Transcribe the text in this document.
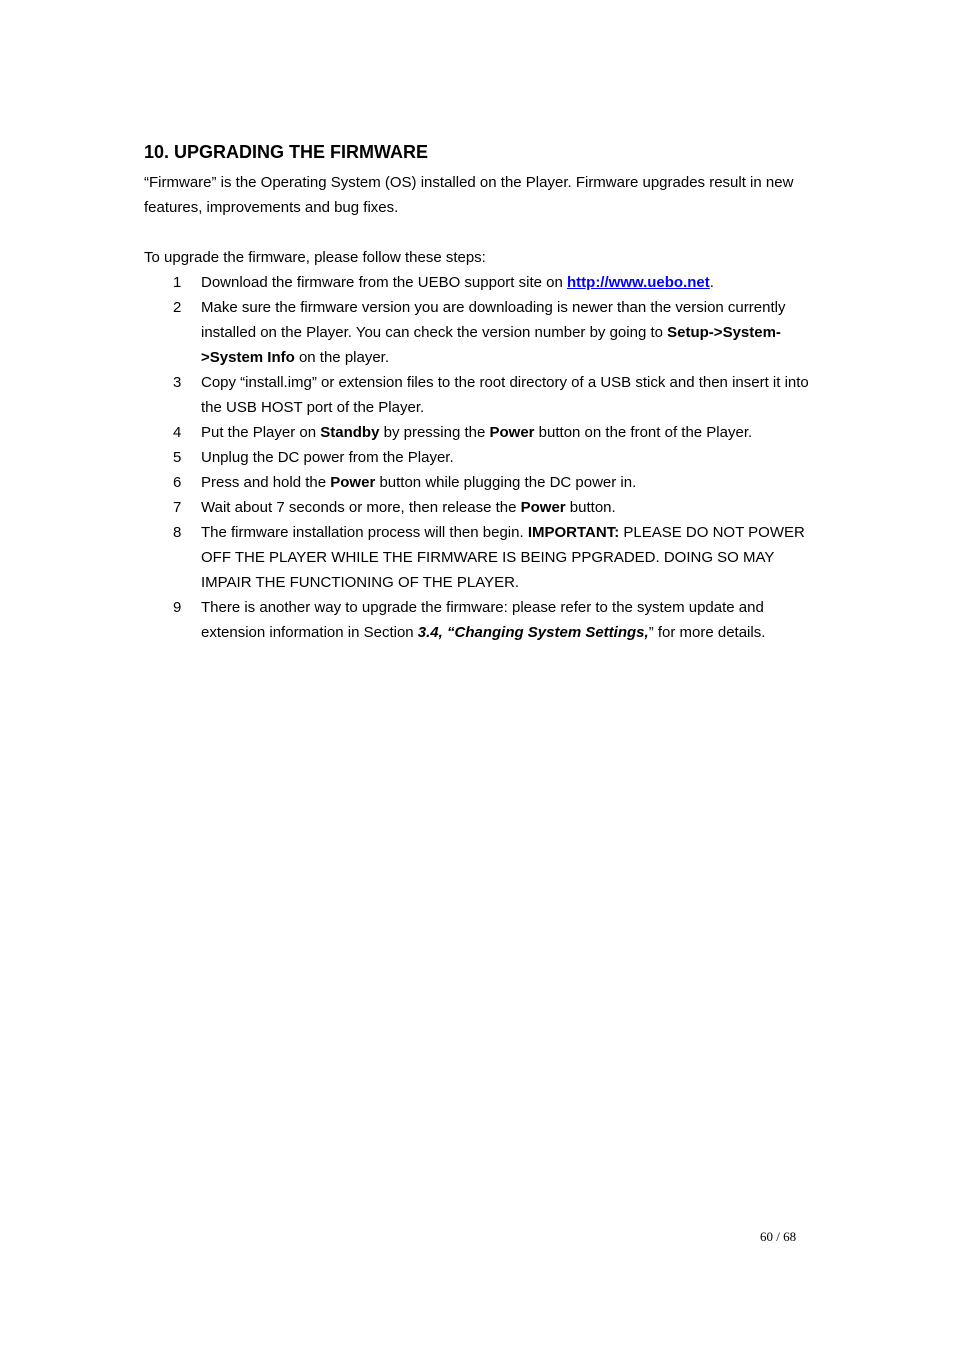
10. UPGRADING THE FIRMWARE

“Firmware” is the Operating System (OS) installed on the Player. Firmware upgrades result in new features, improvements and bug fixes.

To upgrade the firmware, please follow these steps:

1	Download the firmware from the UEBO support site on http://www.uebo.net.
2	Make sure the firmware version you are downloading is newer than the version currently installed on the Player. You can check the version number by going to Setup->System->System Info on the player.
3	Copy “install.img” or extension files to the root directory of a USB stick and then insert it into the USB HOST port of the Player.
4	Put the Player on Standby by pressing the Power button on the front of the Player.
5	Unplug the DC power from the Player.
6	Press and hold the Power button while plugging the DC power in.
7	Wait about 7 seconds or more, then release the Power button.
8	The firmware installation process will then begin. IMPORTANT: PLEASE DO NOT POWER OFF THE PLAYER WHILE THE FIRMWARE IS BEING PPGRADED. DOING SO MAY IMPAIR THE FUNCTIONING OF THE PLAYER.
9	There is another way to upgrade the firmware: please refer to the system update and extension information in Section 3.4, “Changing System Settings,” for more details.
60 / 68
